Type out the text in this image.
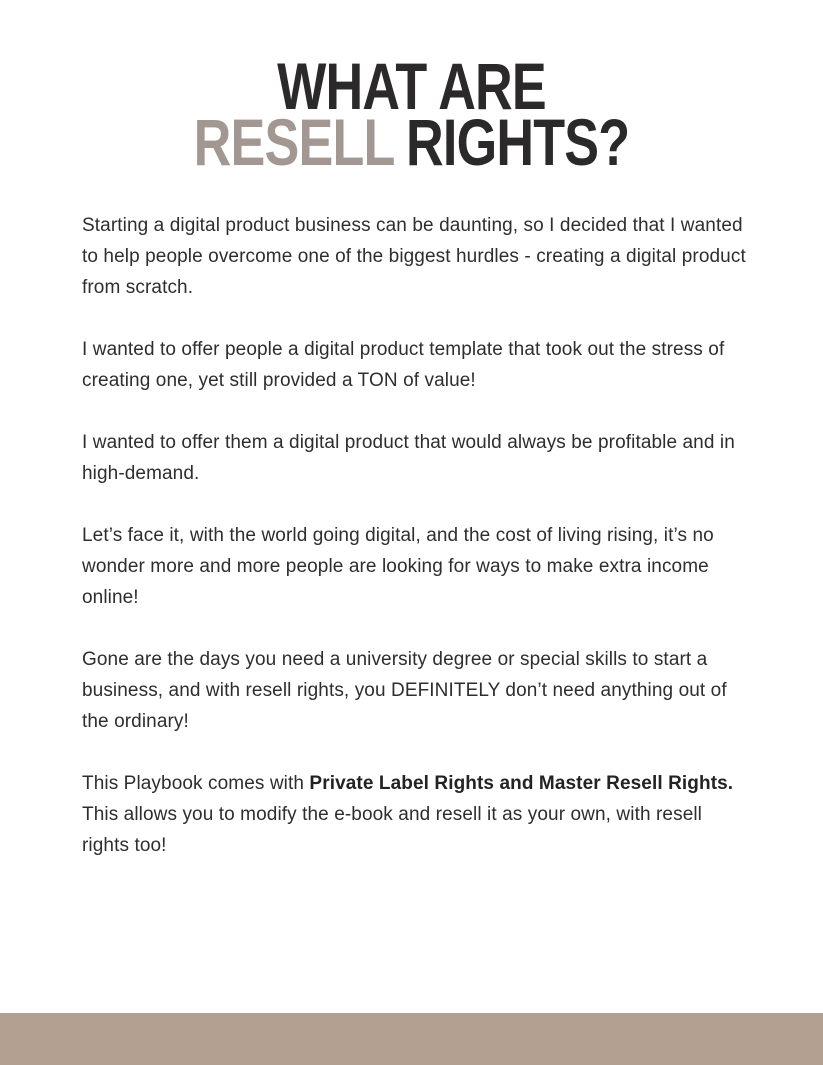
WHAT ARE
RESELL RIGHTS?

Starting a digital product business can be daunting, so I decided that I wanted to help people overcome one of the biggest hurdles - creating a digital product from scratch.

I wanted to offer people a digital product template that took out the stress of creating one, yet still provided a TON of value!

I wanted to offer them a digital product that would always be profitable and in high-demand.

Let’s face it, with the world going digital, and the cost of living rising, it’s no wonder more and more people are looking for ways to make extra income online!

Gone are the days you need a university degree or special skills to start a business, and with resell rights, you DEFINITELY don’t need anything out of the ordinary!

This Playbook comes with Private Label Rights and Master Resell Rights. This allows you to modify the e-book and resell it as your own, with resell rights too!
